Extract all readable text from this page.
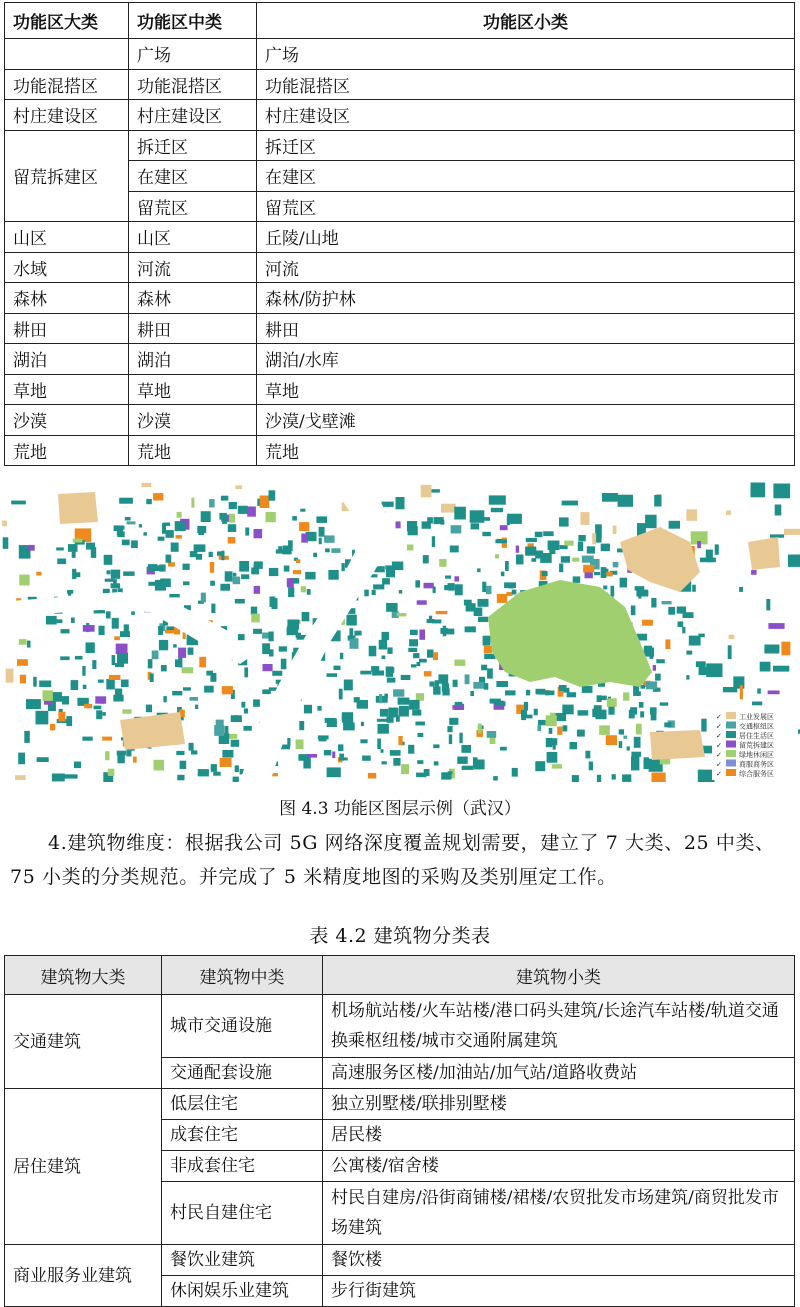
功能区大类	功能区中类	功能区小类
	广场	广场
功能混搭区	功能混搭区	功能混搭区
村庄建设区	村庄建设区	村庄建设区
留荒拆建区	拆迁区	拆迁区
	在建区	在建区
	留荒区	留荒区
山区	山区	丘陵/山地
水域	河流	河流
森林	森林	森林/防护林
耕田	耕田	耕田
湖泊	湖泊	湖泊/水库
草地	草地	草地
沙漠	沙漠	沙漠/戈壁滩
荒地	荒地	荒地
✓ 工业发展区
✓ 交通枢纽区
✓ 居住生活区
✓ 留荒拆建区
✓ 绿地休闲区
✓ 商服商务区
✓ 综合服务区
图 4.3 功能区图层示例（武汉）

4.建筑物维度：根据我公司 5G 网络深度覆盖规划需要，建立了 7 大类、25 中类、75 小类的分类规范。并完成了 5 米精度地图的采购及类别厘定工作。

表 4.2 建筑物分类表
建筑物大类	建筑物中类	建筑物小类
交通建筑	城市交通设施	机场航站楼/火车站楼/港口码头建筑/长途汽车站楼/轨道交通换乘枢纽楼/城市交通附属建筑
	交通配套设施	高速服务区楼/加油站/加气站/道路收费站
居住建筑	低层住宅	独立别墅楼/联排别墅楼
	成套住宅	居民楼
	非成套住宅	公寓楼/宿舍楼
	村民自建住宅	村民自建房/沿街商铺楼/裙楼/农贸批发市场建筑/商贸批发市场建筑
商业服务业建筑	餐饮业建筑	餐饮楼
	休闲娱乐业建筑	步行街建筑
